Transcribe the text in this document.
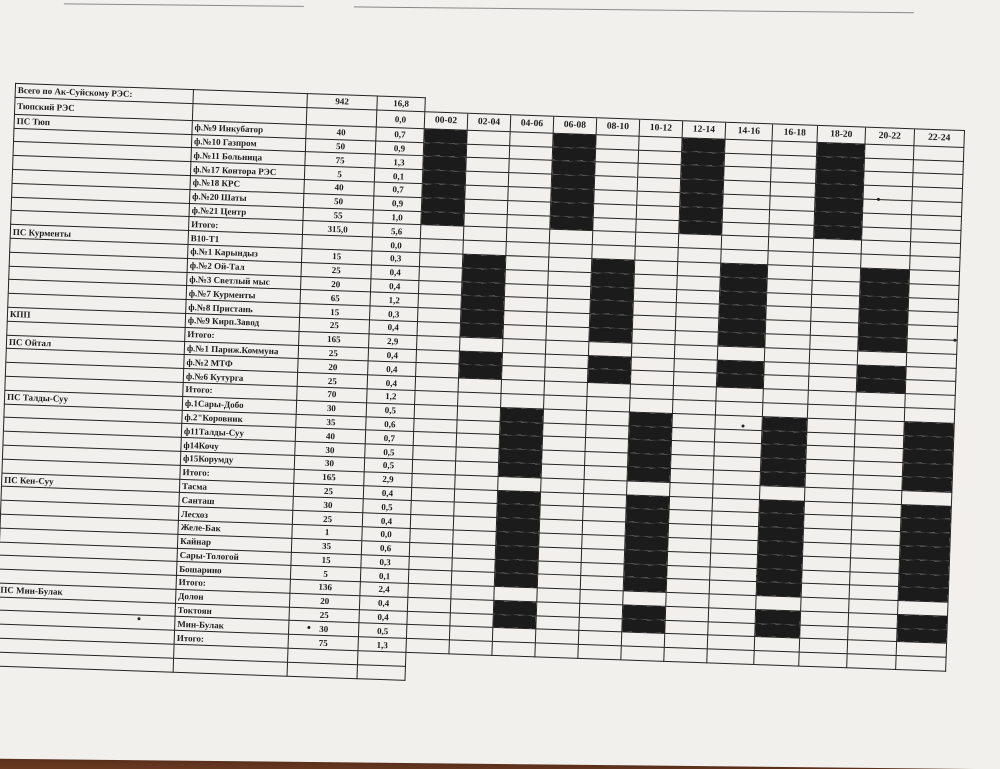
Всего по Ак-Суйскому РЭС:		942	16,8												
Тюпский РЭС			0,0	00-02	02-04	04-06	06-08	08-10	10-12	12-14	14-16	16-18	18-20	20-22	22-24
ПС Тюп	ф.№9 Инкубатор	40	0,7												
	ф.№10 Газпром	50	0,9												
	ф.№11 Больница	75	1,3												
	ф.№17 Контора РЭС	5	0,1												
	ф.№18 КРС	40	0,7												
	ф.№20 Шаты	50	0,9												
	ф.№21 Центр	55	1,0												
	Итого:	315,0	5,6												
ПС Курменты	В10-Т1		0,0												
	ф.№1 Карындыз	15	0,3												
	ф.№2 Ой-Тал	25	0,4												
	ф.№3 Светлый мыс	20	0,4												
	ф.№7 Курменты	65	1,2												
	ф.№8 Пристань	15	0,3												
КПП	ф.№9 Кирп.Завод	25	0,4												
	Итого:	165	2,9												
ПС Ойтал	ф.№1 Париж.Коммуна	25	0,4												
	ф.№2 МТФ	20	0,4												
	ф.№6 Кутурга	25	0,4												
	Итого:	70	1,2												
ПС Талды-Суу	ф.1Сары-Добо	30	0,5												
	ф.2"Коровник	35	0,6												
	ф11Талды-Суу	40	0,7												
	ф14Кочу	30	0,5												
	ф15Корумду	30	0,5												
	Итого:	165	2,9												
ПС Кен-Суу	Тасма	25	0,4												
	Санташ	30	0,5												
	Лесхоз	25	0,4												
	Желе-Бак	1	0,0												
	Кайнар	35	0,6												
	Сары-Тологой	15	0,3												
	Бошарино	5	0,1												
	Итого:	136	2,4												
ПС Мин-Булак	Долон	20	0,4												
	Токтоян	25	0,4												
	Мин-Булак	30	0,5												
	Итого:	75	1,3												
